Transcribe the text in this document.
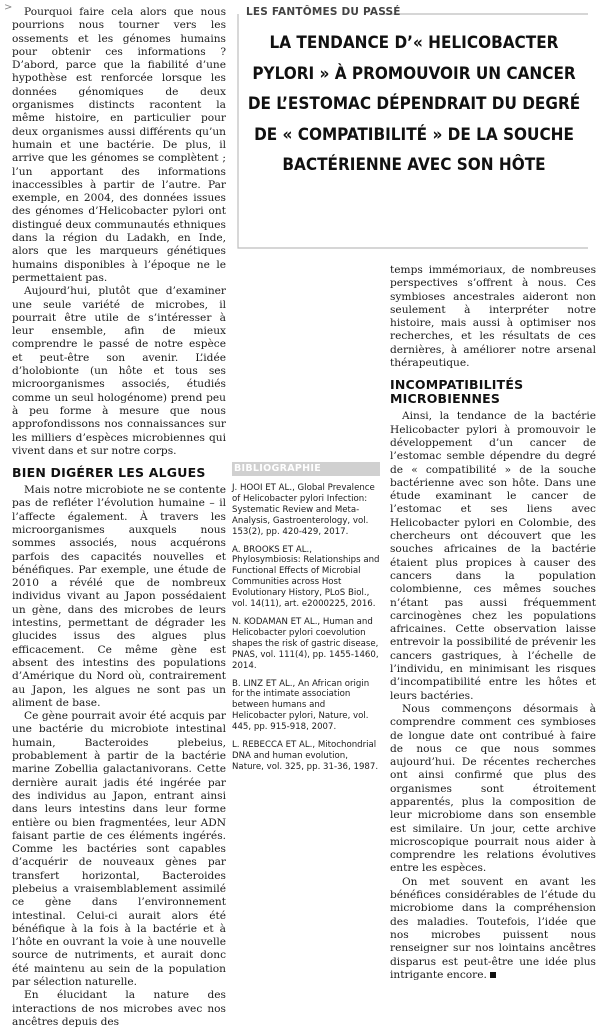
>	Pourquoi faire cela alors que nous pourrions nous tourner vers les ossements et les génomes humains pour obtenir ces informations ? D’abord, parce que la fiabilité d’une hypothèse est renforcée lorsque les données génomiques de deux organismes distincts racontent la même histoire, en particulier pour deux organismes aussi différents qu’un humain et une bactérie. De plus, il arrive que les génomes se complètent ; l’un apportant des informations inaccessibles à partir de l’autre. Par exemple, en 2004, des données issues des génomes d’Helicobacter pylori ont distingué deux communautés ethniques dans la région du Ladakh, en Inde, alors que les marqueurs génétiques humains disponibles à l’époque ne le permettaient pas.

Aujourd’hui, plutôt que d’examiner une seule variété de microbes, il pourrait être utile de s’intéresser à leur ensemble, afin de mieux comprendre le passé de notre espèce et peut-être son avenir. L’idée d’holobionte (un hôte et tous ses microorganismes associés, étudiés comme un seul hologénome) prend peu à peu forme à mesure que nous approfondissons nos connaissances sur les milliers d’espèces microbiennes qui vivent dans et sur notre corps.

BIEN DIGÉRER LES ALGUES

Mais notre microbiote ne se contente pas de refléter l’évolution humaine – il l’affecte également. À travers les microorganismes auxquels nous sommes associés, nous acquérons parfois des capacités nouvelles et bénéfiques. Par exemple, une étude de 2010 a révélé que de nombreux individus vivant au Japon possédaient un gène, dans des microbes de leurs intestins, permettant de dégrader les glucides issus des algues plus efficacement. Ce même gène est absent des intestins des populations d’Amérique du Nord où, contrairement au Japon, les algues ne sont pas un aliment de base.

Ce gène pourrait avoir été acquis par une bactérie du microbiote intestinal humain, Bacteroides plebeius, probablement à partir de la bactérie marine Zobellia galactanivorans. Cette dernière aurait jadis été ingérée par des individus au Japon, entrant ainsi dans leurs intestins dans leur forme entière ou bien fragmentées, leur ADN faisant partie de ces éléments ingérés. Comme les bactéries sont capables d’acquérir de nouveaux gènes par transfert horizontal, Bacteroides plebeius a vraisemblablement assimilé ce gène dans l’environnement intestinal. Celui-ci aurait alors été bénéfique à la fois à la bactérie et à l’hôte en ouvrant la voie à une nouvelle source de nutriments, et aurait donc été maintenu au sein de la population par sélection naturelle.

En élucidant la nature des interactions de nos microbes avec nos ancêtres depuis des

LES FANTÔMES DU PASSÉ
LA TENDANCE D’« HELICOBACTER PYLORI » À PROMOUVOIR UN CANCER DE L’ESTOMAC DÉPENDRAIT DU DEGRÉ DE « COMPATIBILITÉ » DE LA SOUCHE BACTÉRIENNE AVEC SON HÔTE

temps immémoriaux, de nombreuses perspectives s’offrent à nous. Ces symbioses ancestrales aideront non seulement à interpréter notre histoire, mais aussi à optimiser nos recherches, et les résultats de ces dernières, à améliorer notre arsenal thérapeutique.

INCOMPATIBILITÉS MICROBIENNES

Ainsi, la tendance de la bactérie Helicobacter pylori à promouvoir le développement d’un cancer de l’estomac semble dépendre du degré de « compatibilité » de la souche bactérienne avec son hôte. Dans une étude examinant le cancer de l’estomac et ses liens avec Helicobacter pylori en Colombie, des chercheurs ont découvert que les souches africaines de la bactérie étaient plus propices à causer des cancers dans la population colombienne, ces mêmes souches n’étant pas aussi fréquemment carcinogènes chez les populations africaines. Cette observation laisse entrevoir la possibilité de prévenir les cancers gastriques, à l’échelle de l’individu, en minimisant les risques d’incompatibilité entre les hôtes et leurs bactéries.

Nous commençons désormais à comprendre comment ces symbioses de longue date ont contribué à faire de nous ce que nous sommes aujourd’hui. De récentes recherches ont ainsi confirmé que plus des organismes sont étroitement apparentés, plus la composition de leur microbiome dans son ensemble est similaire. Un jour, cette archive microscopique pourrait nous aider à comprendre les relations évolutives entre les espèces.

On met souvent en avant les bénéfices considérables de l’étude du microbiome dans la compréhension des maladies. Toutefois, l’idée que nos microbes puissent nous renseigner sur nos lointains ancêtres disparus est peut-être une idée plus intrigante encore.

BIBLIOGRAPHIE
J. HOOI ET AL., Global Prevalence of Helicobacter pylori Infection: Systematic Review and Meta-Analysis, Gastroenterology, vol. 153(2), pp. 420-429, 2017.
A. BROOKS ET AL., Phylosymbiosis: Relationships and Functional Effects of Microbial Communities across Host Evolutionary History, PLoS Biol., vol. 14(11), art. e2000225, 2016.
N. KODAMAN ET AL., Human and Helicobacter pylori coevolution shapes the risk of gastric disease, PNAS, vol. 111(4), pp. 1455-1460, 2014.
B. LINZ ET AL., An African origin for the intimate association between humans and Helicobacter pylori, Nature, vol. 445, pp. 915-918, 2007.
L. REBECCA ET AL., Mitochondrial DNA and human evolution, Nature, vol. 325, pp. 31-36, 1987.
